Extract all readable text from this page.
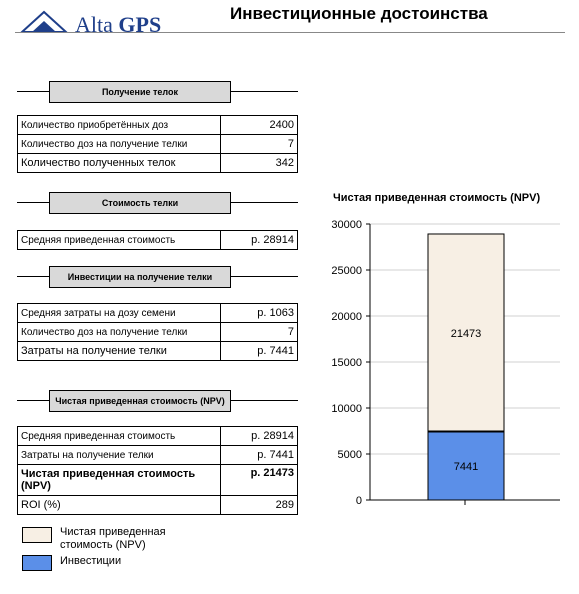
Alta GPS	Инвестиционные достоинства
Получение телок
Количество приобретённых доз	2400
Количество доз на получение телки	7
Количество полученных телок	342
Стоимость телки
Средняя приведенная стоимость	р. 28914
Инвестиции на получение телки
Средняя затраты на дозу семени	р. 1063
Количество доз на получение телки	7
Затраты на получение телки	р. 7441
Чистая приведенная стоимость (NPV)
Средняя приведенная стоимость	р. 28914
Затраты на получение телки	р. 7441
Чистая приведенная стоимость (NPV)	р. 21473
ROI (%)	289
Чистая приведенная стоимость (NPV)
Инвестиции
Чистая приведенная стоимость (NPV)
0
5000
10000
15000
20000
25000
30000
7441
21473
